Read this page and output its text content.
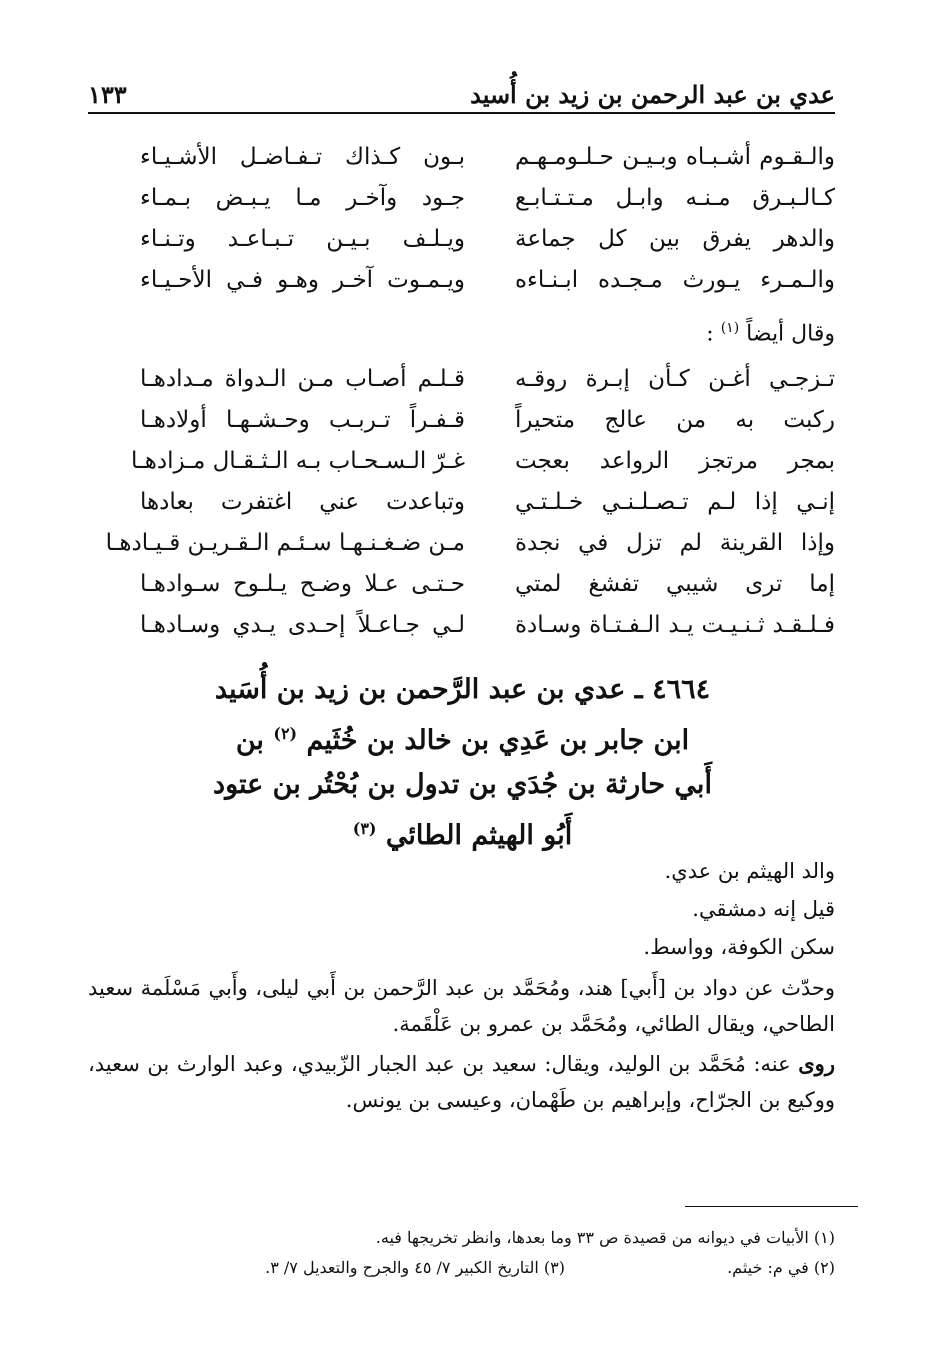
عدي بن عبد الرحمن بن زيد بن أُسيد
١٣٣
والـقـوم أشـبـاه وبـيـن حـلـومـهـم
بـون كـذاك تـفـاضـل الأشـيـاء
كـالـبـرق مـنـه وابـل مـتـتـابـع
جـود وآخـر مـا يـبـض بـمـاء
والدهر يفرق بين كل جماعة
ويـلـف بـيـن تـبـاعـد وتـنـاء
والـمـرء يـورث مـجـده ابـنـاءه
ويـمـوت آخـر وهـو فـي الأحـيـاء
وقال أيضاً $^{(١)}$ :
تـزجـي أغـن كـأن إبـرة روقـه
قـلـم أصـاب مـن الـدواة مـدادهـا
ركبت به من عالج متحيراً
قـفـراً تـربـب وحـشـهـا أولادهـا
بمجر مرتجز الرواعد بعجت
غـرّ الـسـحـاب بـه الـثـقـال مـزادهـا
إنـي إذا لـم تـصـلـنـي خـلـتـي
وتباعدت عني اغتفرت بعادها
وإذا القرينة لم تزل في نجدة
مـن ضـغـنـهـا سـئـم الـقـريـن قـيـادهـا
إما ترى شيبي تفشغ لمتي
حـتـى عـلا وضـح يـلـوح سـوادهـا
فـلـقـد ثـنـيـت يـد الـفـتـاة وسـادة
لـي جـاعـلاً إحـدى يـدي وسـادهـا
٤٦٦٤ ـ عدي بن عبد الرَّحمن بن زيد بن أُسَيد
ابن جابر بن عَدِي بن خالد بن خُثَيم $^{(٢)}$ بن
أَبي حارثة بن جُدَي بن تدول بن بُحْتُر بن عتود
أَبُو الهيثم الطائي $^{(٣)}$
والد الهيثم بن عدي.
قيل إنه دمشقي.
سكن الكوفة، وواسط.
وحدّث عن دواد بن [أَبي] هند، ومُحَمَّد بن عبد الرَّحمن بن أَبي ليلى، وأَبي مَسْلَمة سعيد الطاحي، ويقال الطائي، ومُحَمَّد بن عمرو بن عَلْقَمة.
روى عنه: مُحَمَّد بن الوليد، ويقال: سعيد بن عبد الجبار الزّبيدي، وعبد الوارث بن سعيد، ووكيع بن الجرّاح، وإبراهيم بن طَهْمان، وعيسى بن يونس.
(١) الأبيات في ديوانه من قصيدة ص ٣٣ وما بعدها، وانظر تخريجها فيه.
(٢) في م: خيثم.
(٣) التاريخ الكبير ٧/ ٤٥ والجرح والتعديل ٧/ ٣.
